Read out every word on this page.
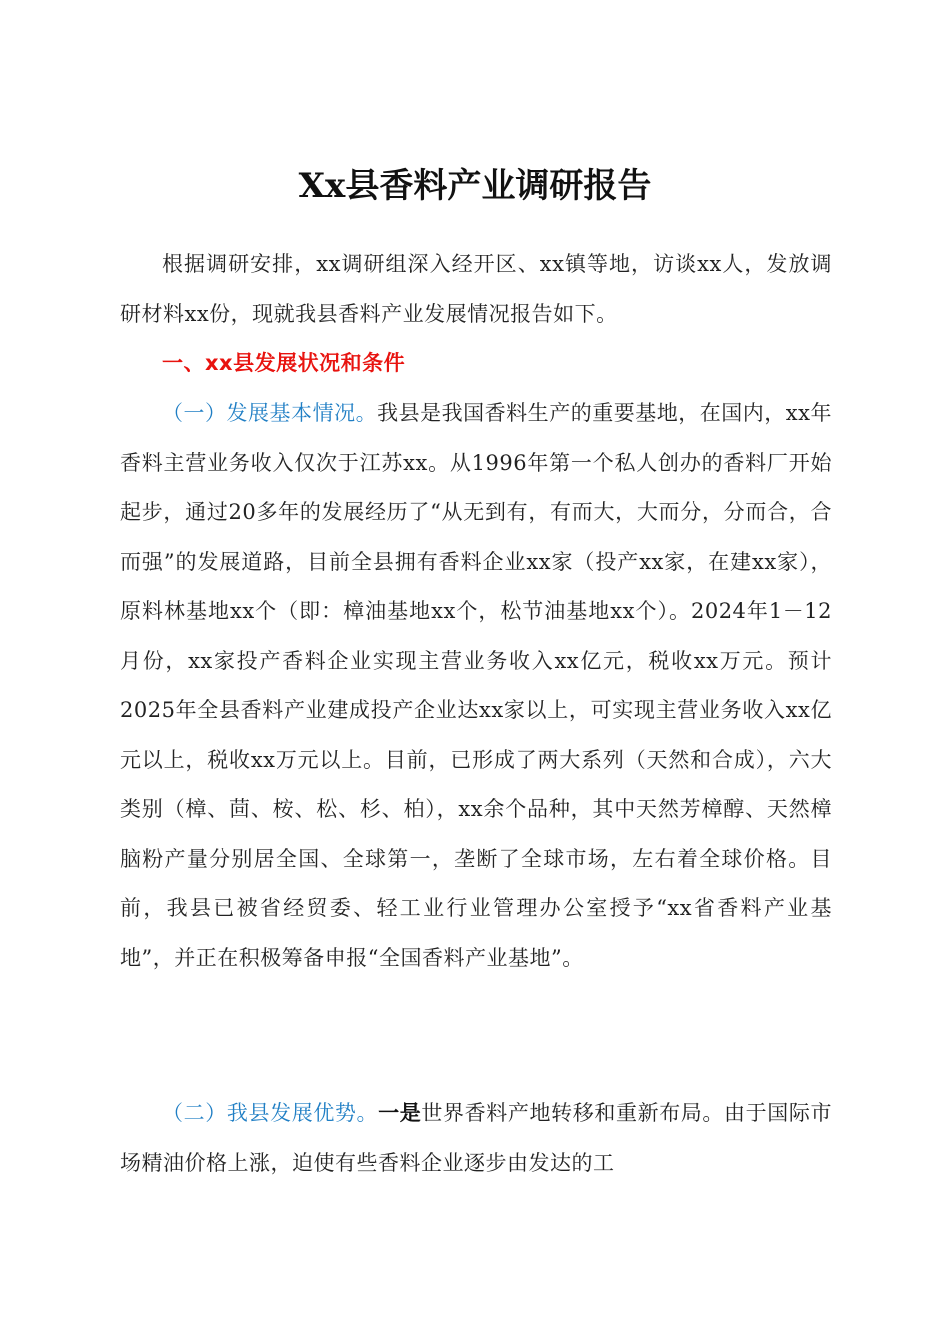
Xx县香料产业调研报告

根据调研安排，xx调研组深入经开区、xx镇等地，访谈xx人，发放调研材料xx份，现就我县香料产业发展情况报告如下。

一、xx县发展状况和条件

（一）发展基本情况。我县是我国香料生产的重要基地，在国内，xx年香料主营业务收入仅次于江苏xx。从1996年第一个私人创办的香料厂开始起步，通过20多年的发展经历了“从无到有，有而大，大而分，分而合，合而强”的发展道路，目前全县拥有香料企业xx家（投产xx家，在建xx家），原料林基地xx个（即：樟油基地xx个，松节油基地xx个）。2024年1－12月份，xx家投产香料企业实现主营业务收入xx亿元，税收xx万元。预计2025年全县香料产业建成投产企业达xx家以上，可实现主营业务收入xx亿元以上，税收xx万元以上。目前，已形成了两大系列（天然和合成），六大类别（樟、茴、桉、松、杉、柏），xx余个品种，其中天然芳樟醇、天然樟脑粉产量分别居全国、全球第一，垄断了全球市场，左右着全球价格。目前，我县已被省经贸委、轻工业行业管理办公室授予“xx省香料产业基地”，并正在积极筹备申报“全国香料产业基地”。

（二）我县发展优势。一是世界香料产地转移和重新布局。由于国际市场精油价格上涨，迫使有些香料企业逐步由发达的工
